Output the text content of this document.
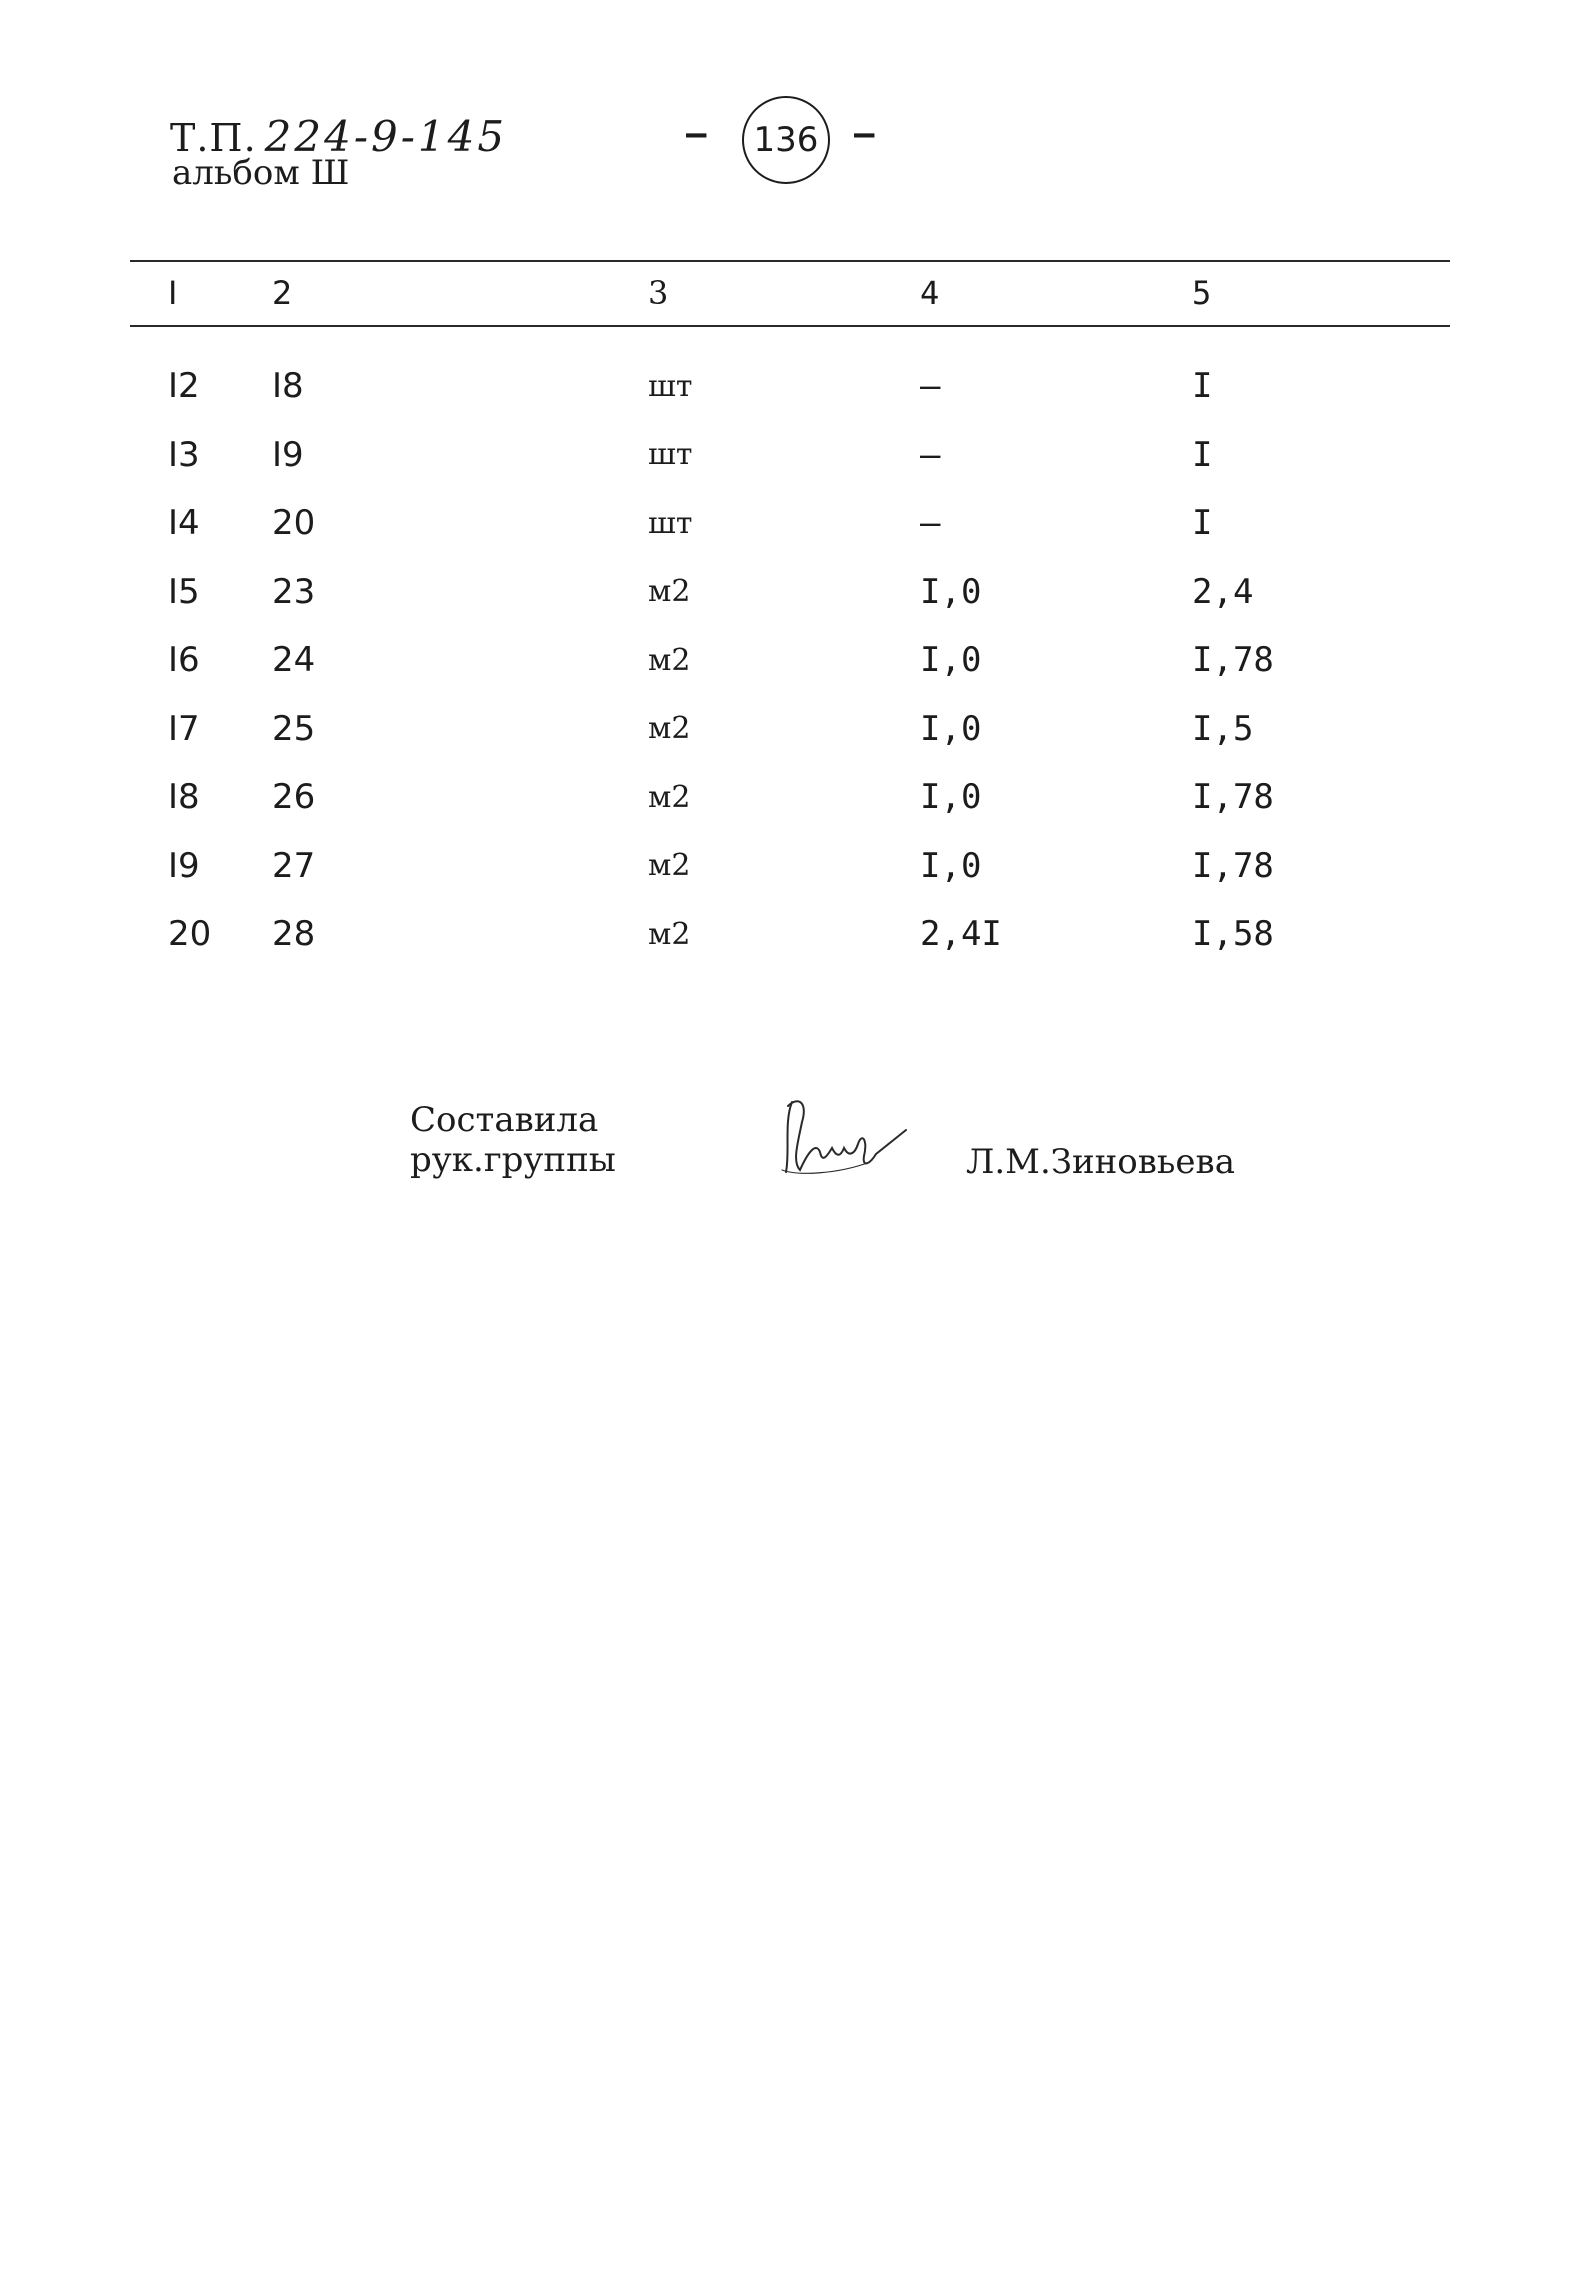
Т.П. 224-9-145
альбом Ш
– 136 –
I	2	3	4	5

I2	I8	шт	–	I
I3	I9	шт	–	I
I4	20	шт	–	I
I5	23	м2	I,0	2,4
I6	24	м2	I,0	I,78
I7	25	м2	I,0	I,5
I8	26	м2	I,0	I,78
I9	27	м2	I,0	I,78
20	28	м2	2,4I	I,58
Составила
рук.группы	Л.М.Зиновьева
